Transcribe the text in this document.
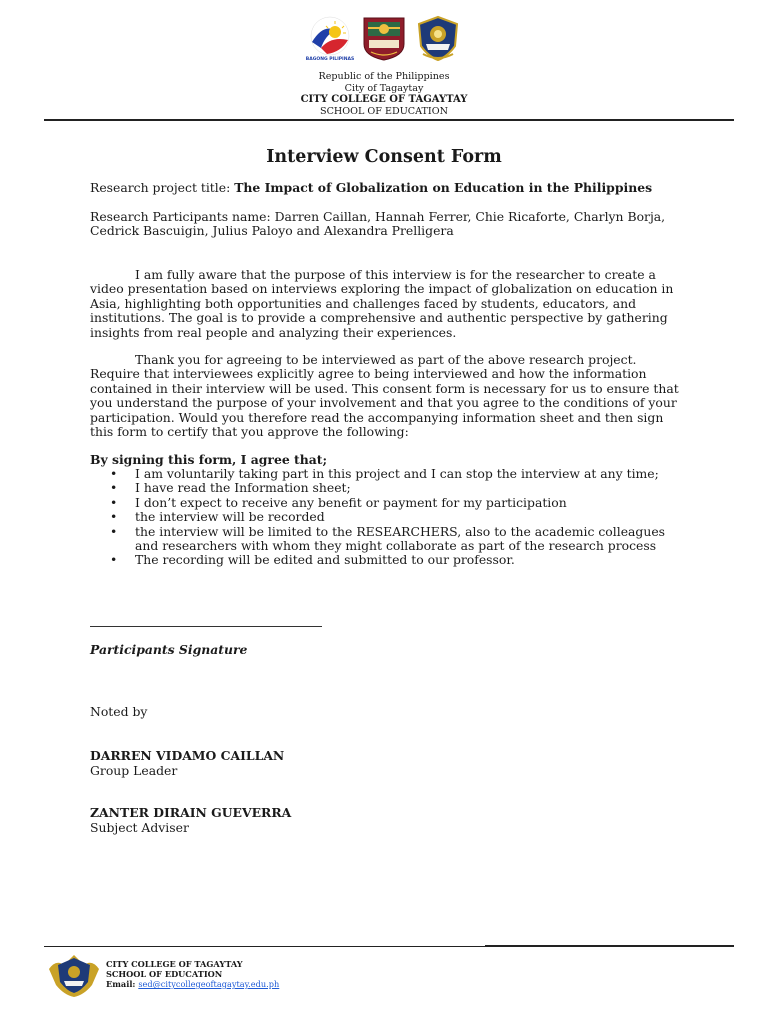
BAGONG PILIPINAS
Republic of the Philippines
City of Tagaytay
CITY COLLEGE OF TAGAYTAY
SCHOOL OF EDUCATION
Interview Consent Form
Research project title: The Impact of Globalization on Education in the Philippines
Research Participants name: Darren Caillan, Hannah Ferrer, Chie Ricaforte, Charlyn Borja, Cedrick Bascuigin, Julius Paloyo and Alexandra Prelligera
I am fully aware that the purpose of this interview is for the researcher to create a video presentation based on interviews exploring the impact of globalization on education in Asia, highlighting both opportunities and challenges faced by students, educators, and institutions. The goal is to provide a comprehensive and authentic perspective by gathering insights from real people and analyzing their experiences.
Thank you for agreeing to be interviewed as part of the above research project. Require that interviewees explicitly agree to being interviewed and how the information contained in their interview will be used. This consent form is necessary for us to ensure that you understand the purpose of your involvement and that you agree to the conditions of your participation. Would you therefore read the accompanying information sheet and then sign this form to certify that you approve the following:
By signing this form, I agree that;
• I am voluntarily taking part in this project and I can stop the interview at any time;
• I have read the Information sheet;
• I don’t expect to receive any benefit or payment for my participation
• the interview will be recorded
• the interview will be limited to the RESEARCHERS, also to the academic colleagues and researchers with whom they might collaborate as part of the research process
• The recording will be edited and submitted to our professor.
Participants Signature
Noted by
DARREN VIDAMO CAILLAN
Group Leader
ZANTER DIRAIN GUEVERRA
Subject Adviser
CITY COLLEGE OF TAGAYTAY
SCHOOL OF EDUCATION
Email: sed@citycollegeoftagaytay.edu.ph
